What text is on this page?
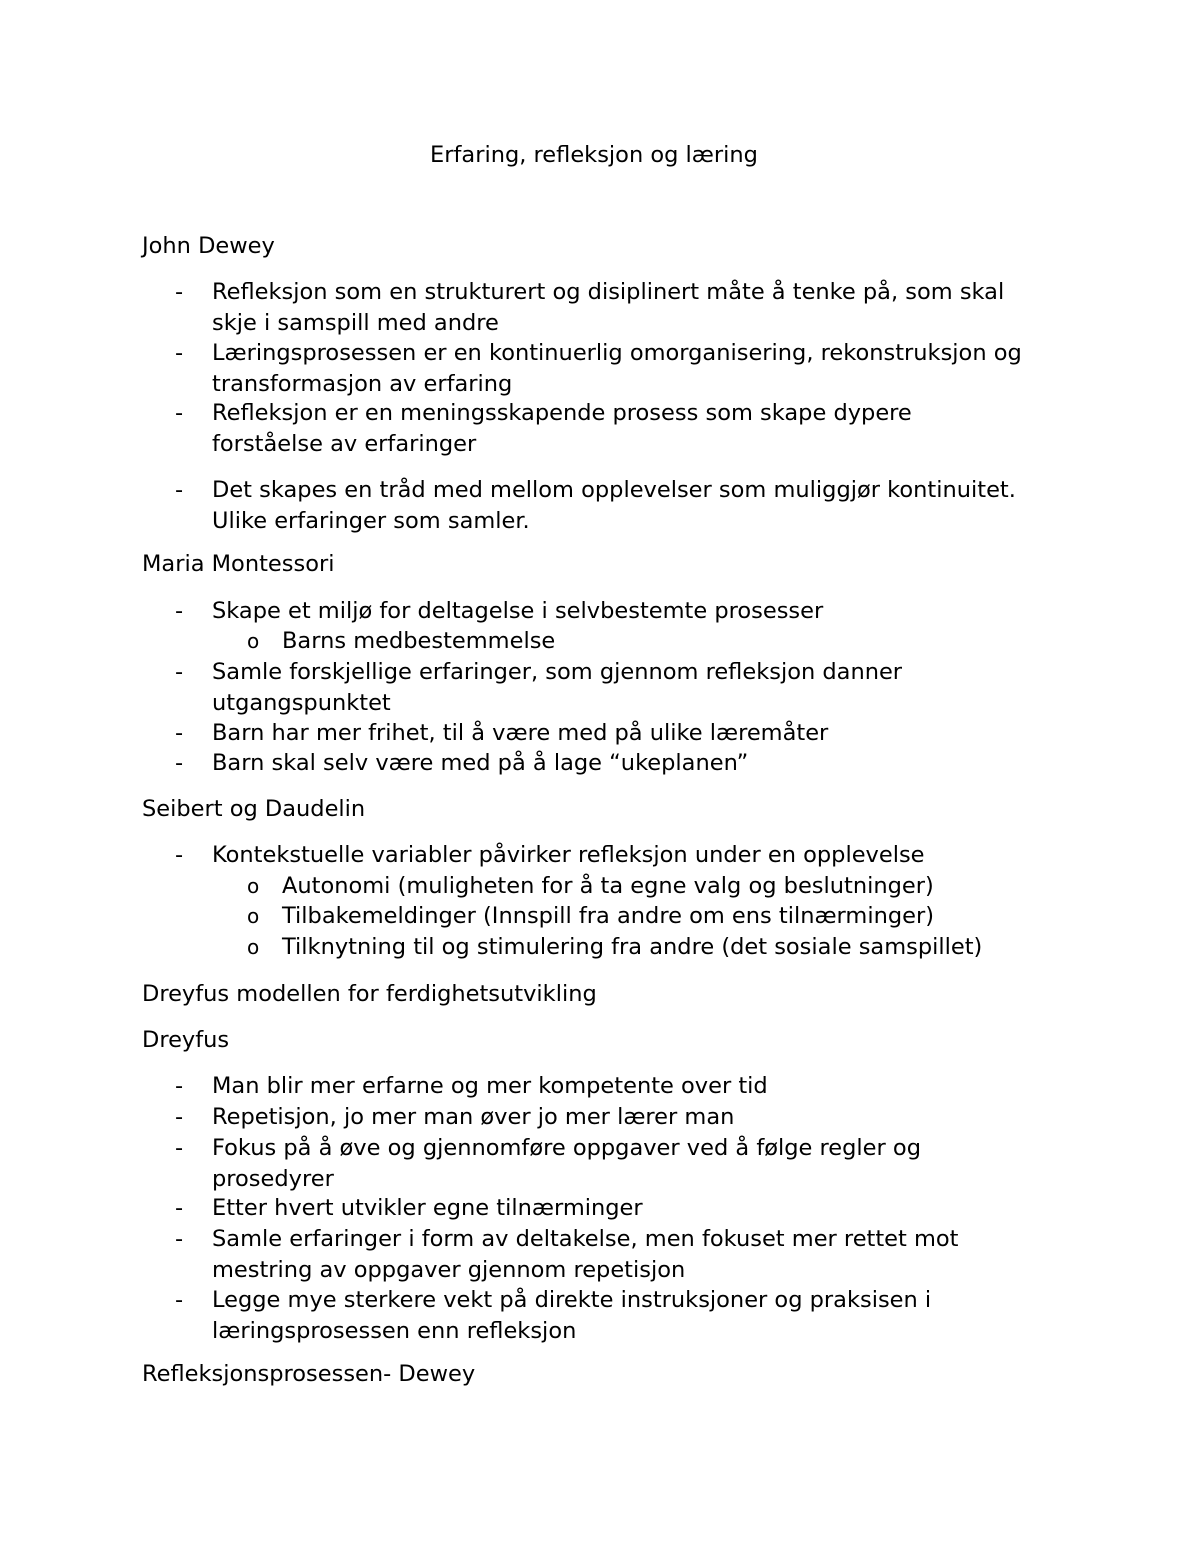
Erfaring, refleksjon og læring
John Dewey
- Refleksjon som en strukturert og disiplinert måte å tenke på, som skal
skje i samspill med andre
- Læringsprosessen er en kontinuerlig omorganisering, rekonstruksjon og
transformasjon av erfaring
- Refleksjon er en meningsskapende prosess som skape dypere
forståelse av erfaringer
- Det skapes en tråd med mellom opplevelser som muliggjør kontinuitet.
Ulike erfaringer som samler.
Maria Montessori
- Skape et miljø for deltagelse i selvbestemte prosesser
o Barns medbestemmelse
- Samle forskjellige erfaringer, som gjennom refleksjon danner
utgangspunktet
- Barn har mer frihet, til å være med på ulike læremåter
- Barn skal selv være med på å lage “ukeplanen”
Seibert og Daudelin
- Kontekstuelle variabler påvirker refleksjon under en opplevelse
o Autonomi (muligheten for å ta egne valg og beslutninger)
o Tilbakemeldinger (Innspill fra andre om ens tilnærminger)
o Tilknytning til og stimulering fra andre (det sosiale samspillet)
Dreyfus modellen for ferdighetsutvikling
Dreyfus
- Man blir mer erfarne og mer kompetente over tid
- Repetisjon, jo mer man øver jo mer lærer man
- Fokus på å øve og gjennomføre oppgaver ved å følge regler og
prosedyrer
- Etter hvert utvikler egne tilnærminger
- Samle erfaringer i form av deltakelse, men fokuset mer rettet mot
mestring av oppgaver gjennom repetisjon
- Legge mye sterkere vekt på direkte instruksjoner og praksisen i
læringsprosessen enn refleksjon
Refleksjonsprosessen- Dewey
